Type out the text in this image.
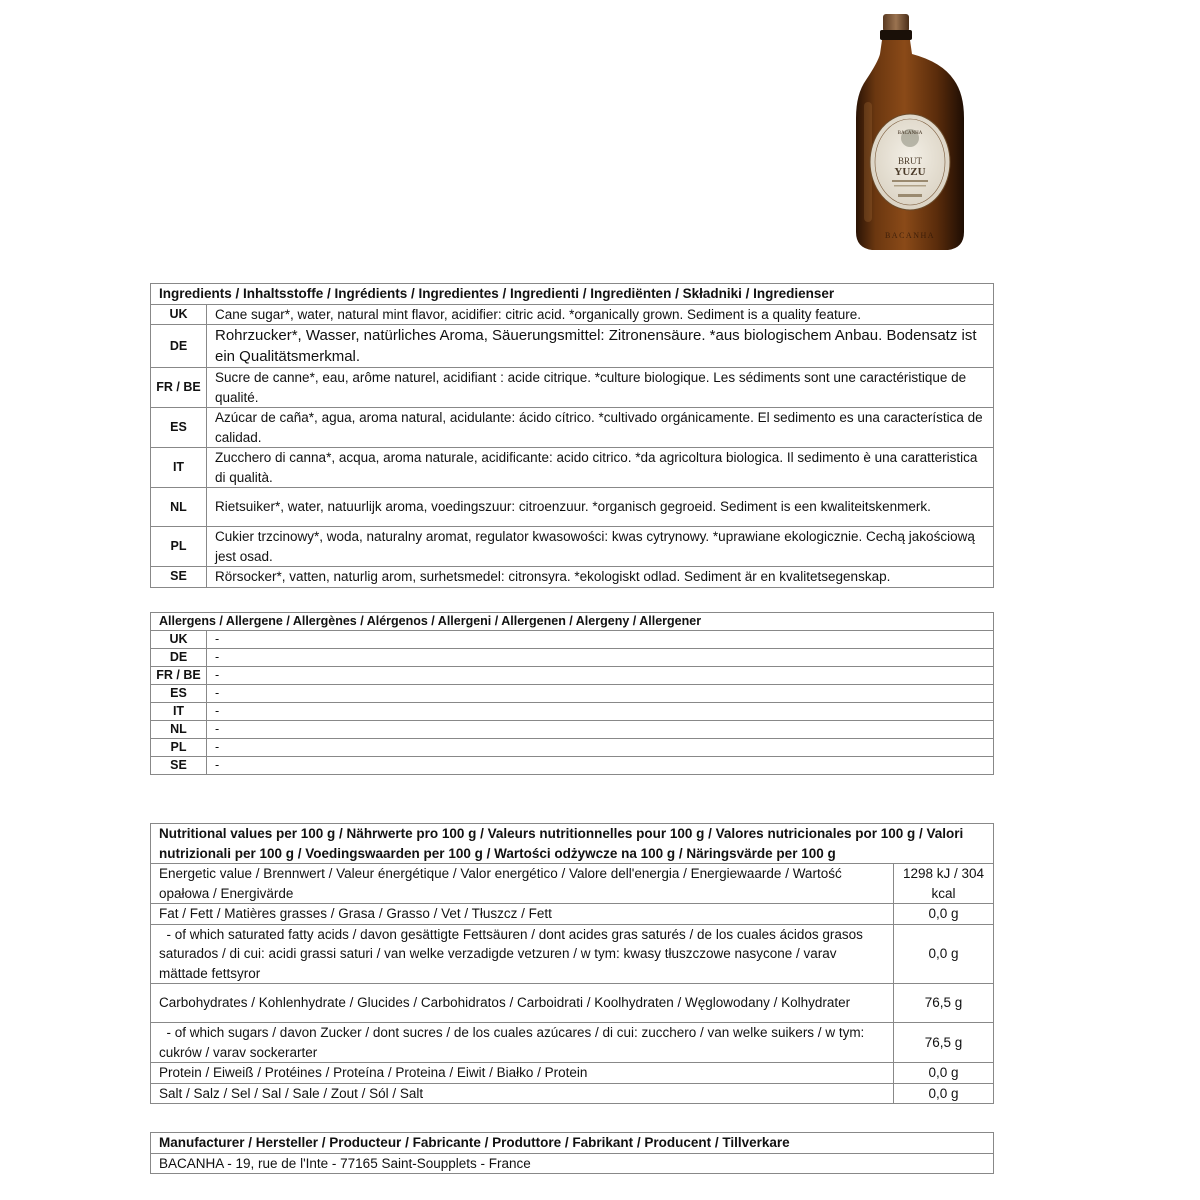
BACANHA
BRUT
YUZU
BACANHA
Ingredients / Inhaltsstoffe / Ingrédients / Ingredientes / Ingredienti / Ingrediënten / Składniki / Ingredienser	
UK	Cane sugar*, water, natural mint flavor, acidifier: citric acid. *organically grown. Sediment is a quality feature.
DE	Rohrzucker*, Wasser, natürliches Aroma, Säuerungsmittel: Zitronensäure. *aus biologischem Anbau. Bodensatz ist ein Qualitätsmerkmal.
FR / BE	Sucre de canne*, eau, arôme naturel, acidifiant : acide citrique. *culture biologique. Les sédiments sont une caractéristique de qualité.
ES	Azúcar de caña*, agua, aroma natural, acidulante: ácido cítrico. *cultivado orgánicamente. El sedimento es una característica de calidad.
IT	Zucchero di canna*, acqua, aroma naturale, acidificante: acido citrico. *da agricoltura biologica. Il sedimento è una caratteristica di qualità.
NL	Rietsuiker*, water, natuurlijk aroma, voedingszuur: citroenzuur. *organisch gegroeid. Sediment is een kwaliteitskenmerk.
PL	Cukier trzcinowy*, woda, naturalny aromat, regulator kwasowości: kwas cytrynowy. *uprawiane ekologicznie. Cechą jakościową jest osad.
SE	Rörsocker*, vatten, naturlig arom, surhetsmedel: citronsyra. *ekologiskt odlad. Sediment är en kvalitetsegenskap.
Allergens / Allergene / Allergènes / Alérgenos / Allergeni / Allergenen / Alergeny / Allergener	
UK	-
DE	-
FR / BE	-
ES	-
IT	-
NL	-
PL	-
SE	-
Nutritional values per 100 g / Nährwerte pro 100 g / Valeurs nutritionnelles pour 100 g / Valores nutricionales por 100 g / Valori nutrizionali per 100 g / Voedingswaarden per 100 g / Wartości odżywcze na 100 g / Näringsvärde per 100 g	
Energetic value / Brennwert / Valeur énergétique / Valor energético / Valore dell'energia / Energiewaarde / Wartość opałowa / Energivärde	1298 kJ / 304 kcal
Fat / Fett / Matières grasses / Grasa / Grasso / Vet / Tłuszcz / Fett	0,0 g
- of which saturated fatty acids / davon gesättigte Fettsäuren / dont acides gras saturés / de los cuales ácidos grasos saturados / di cui: acidi grassi saturi / van welke verzadigde vetzuren / w tym: kwasy tłuszczowe nasycone / varav mättade fettsyror	0,0 g
Carbohydrates / Kohlenhydrate / Glucides / Carbohidratos / Carboidrati / Koolhydraten / Węglowodany / Kolhydrater	76,5 g
- of which sugars / davon Zucker / dont sucres / de los cuales azúcares / di cui: zucchero / van welke suikers / w tym: cukrów / varav sockerarter	76,5 g
Protein / Eiweiß / Protéines / Proteína / Proteina / Eiwit / Białko / Protein	0,0 g
Salt / Salz / Sel / Sal / Sale / Zout / Sól / Salt	0,0 g
Manufacturer / Hersteller / Producteur / Fabricante / Produttore / Fabrikant / Producent / Tillverkare
BACANHA - 19, rue de l'Inte - 77165 Saint-Soupplets - France
